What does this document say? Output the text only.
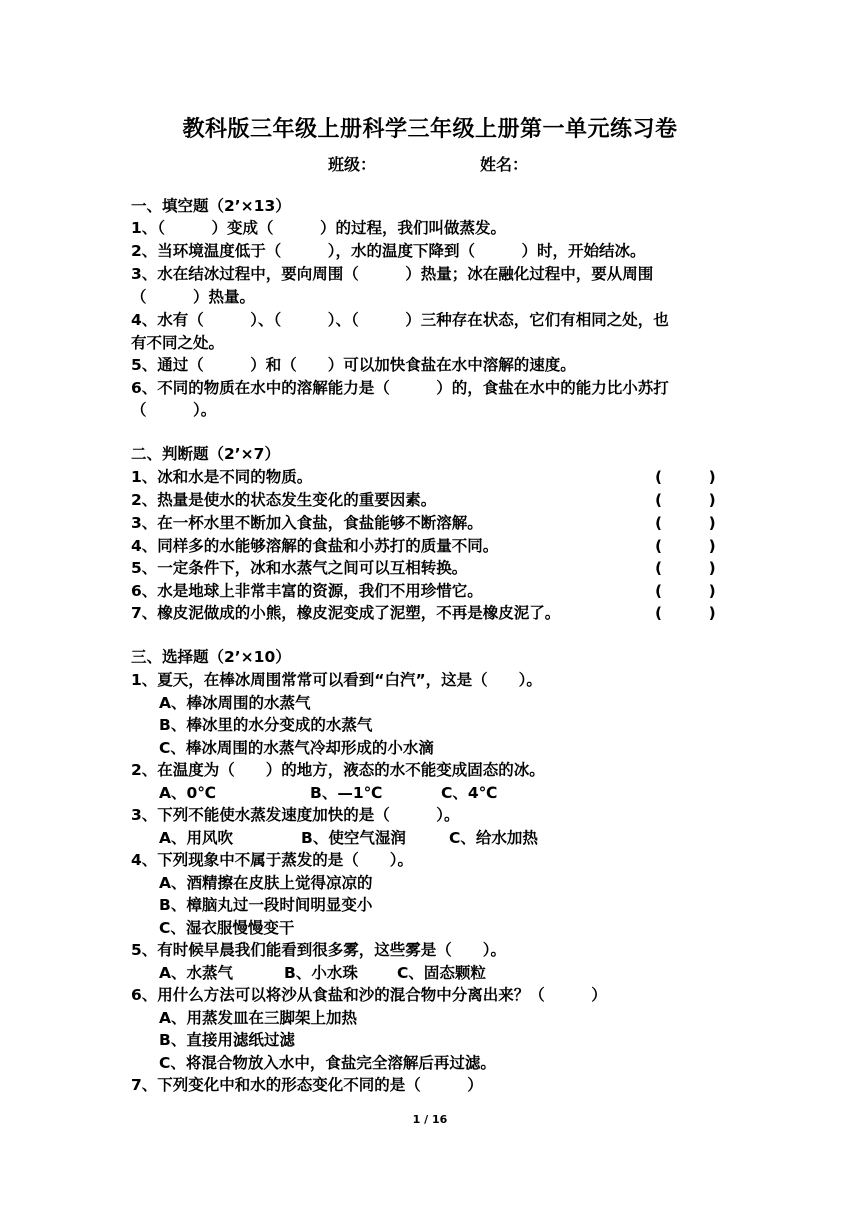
教科版三年级上册科学三年级上册第一单元练习卷
班级：	姓名：
一、填空题（2’×13）
1、（　　　）变成（　　　）的过程，我们叫做蒸发。
2、当环境温度低于（　　　），水的温度下降到（　　　）时，开始结冰。
3、水在结冰过程中，要向周围（　　　）热量；冰在融化过程中，要从周围
（　　　）热量。
4、水有（　　　）、（　　　）、（　　　）三种存在状态，它们有相同之处，也
有不同之处。
5、通过（　　　）和（　　）可以加快食盐在水中溶解的速度。
6、不同的物质在水中的溶解能力是（　　　）的，食盐在水中的能力比小苏打
（　　　）。
二、判断题（2’×7）
1、冰和水是不同的物质。	(　　　)
2、热量是使水的状态发生变化的重要因素。	(　　　)
3、在一杯水里不断加入食盐，食盐能够不断溶解。	(　　　)
4、同样多的水能够溶解的食盐和小苏打的质量不同。	(　　　)
5、一定条件下，冰和水蒸气之间可以互相转换。	(　　　)
6、水是地球上非常丰富的资源，我们不用珍惜它。	(　　　)
7、橡皮泥做成的小熊，橡皮泥变成了泥塑，不再是橡皮泥了。	(　　　)
三、选择题（2’×10）
1、夏天，在棒冰周围常常可以看到“白汽”，这是（　　）。
A、棒冰周围的水蒸气
B、棒冰里的水分变成的水蒸气
C、棒冰周围的水蒸气冷却形成的小水滴
2、在温度为（　　）的地方，液态的水不能变成固态的冰。
A、0℃	B、—1℃	C、4℃
3、下列不能使水蒸发速度加快的是（　　　）。
A、用风吹	B、使空气湿润	C、给水加热
4、下列现象中不属于蒸发的是（　　）。
A、酒精擦在皮肤上觉得凉凉的
B、樟脑丸过一段时间明显变小
C、湿衣服慢慢变干
5、有时候早晨我们能看到很多雾，这些雾是（　　）。
A、水蒸气	B、小水珠	C、固态颗粒
6、用什么方法可以将沙从食盐和沙的混合物中分离出来？（　　　）
A、用蒸发皿在三脚架上加热
B、直接用滤纸过滤
C、将混合物放入水中，食盐完全溶解后再过滤。
7、下列变化中和水的形态变化不同的是（　　　）
1 / 16
